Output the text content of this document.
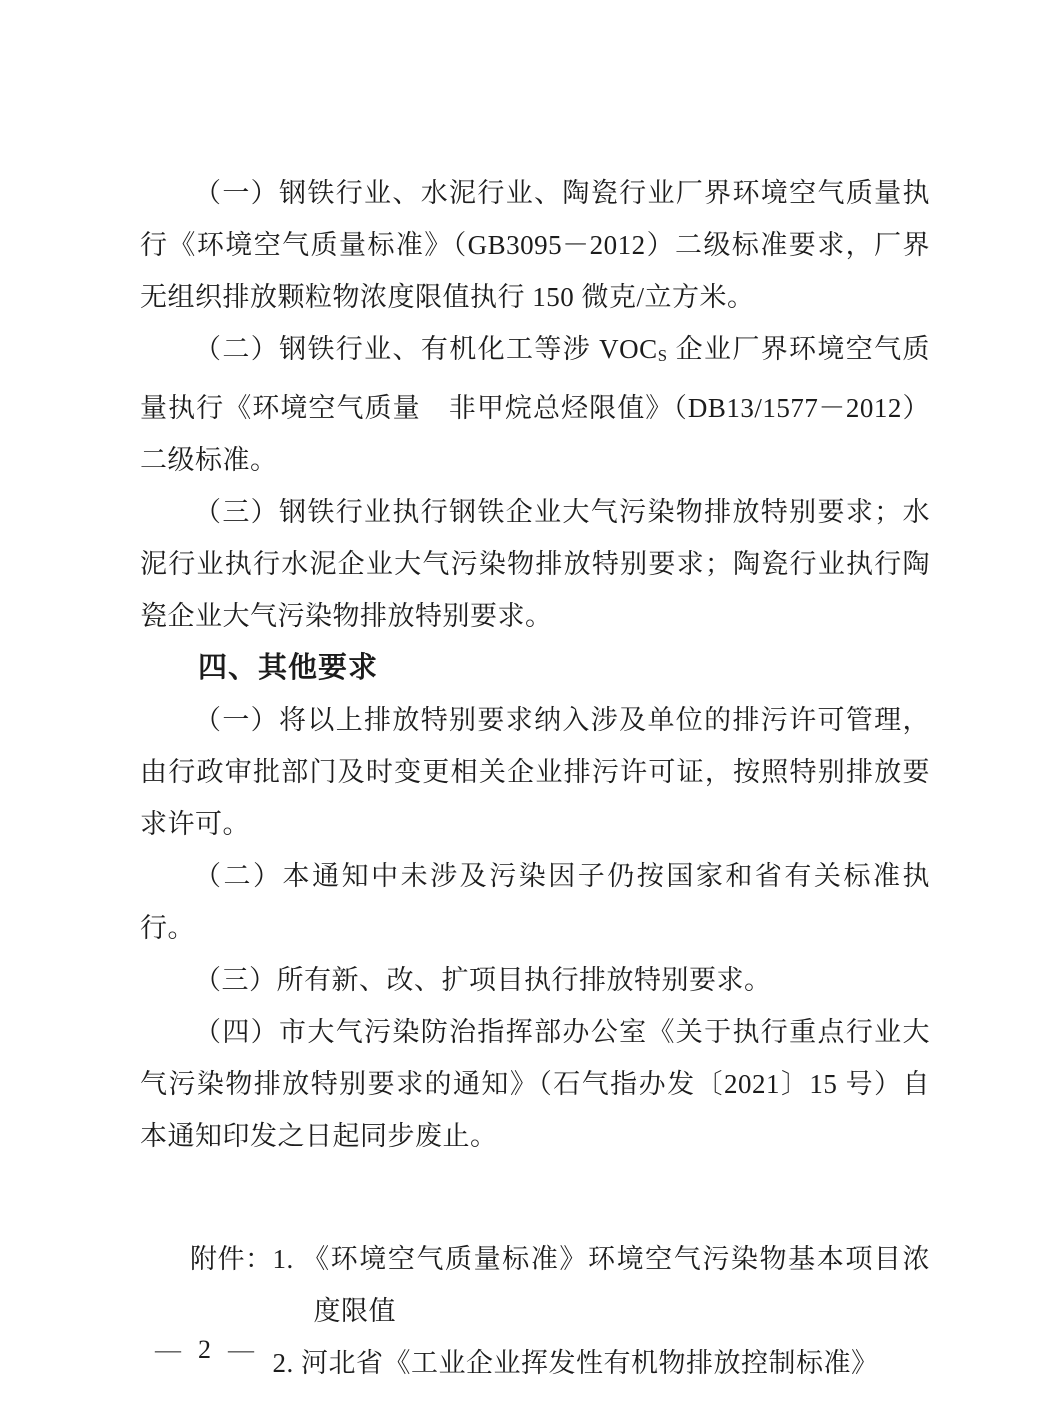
（一）钢铁行业、水泥行业、陶瓷行业厂界环境空气质量执行《环境空气质量标准》（GB3095－2012）二级标准要求，厂界无组织排放颗粒物浓度限值执行 150 微克/立方米。

（二）钢铁行业、有机化工等涉 VOCS 企业厂界环境空气质量执行《环境空气质量　非甲烷总烃限值》（DB13/1577－2012）二级标准。

（三）钢铁行业执行钢铁企业大气污染物排放特别要求；水泥行业执行水泥企业大气污染物排放特别要求；陶瓷行业执行陶瓷企业大气污染物排放特别要求。

四、其他要求

（一）将以上排放特别要求纳入涉及单位的排污许可管理，由行政审批部门及时变更相关企业排污许可证，按照特别排放要求许可。

（二）本通知中未涉及污染因子仍按国家和省有关标准执行。

（三）所有新、改、扩项目执行排放特别要求。

（四）市大气污染防治指挥部办公室《关于执行重点行业大气污染物排放特别要求的通知》（石气指办发〔2021〕15 号）自本通知印发之日起同步废止。

附件： 1. 《环境空气质量标准》环境空气污染物基本项目浓度限值
2. 河北省《工业企业挥发性有机物排放控制标准》
— 2 —
